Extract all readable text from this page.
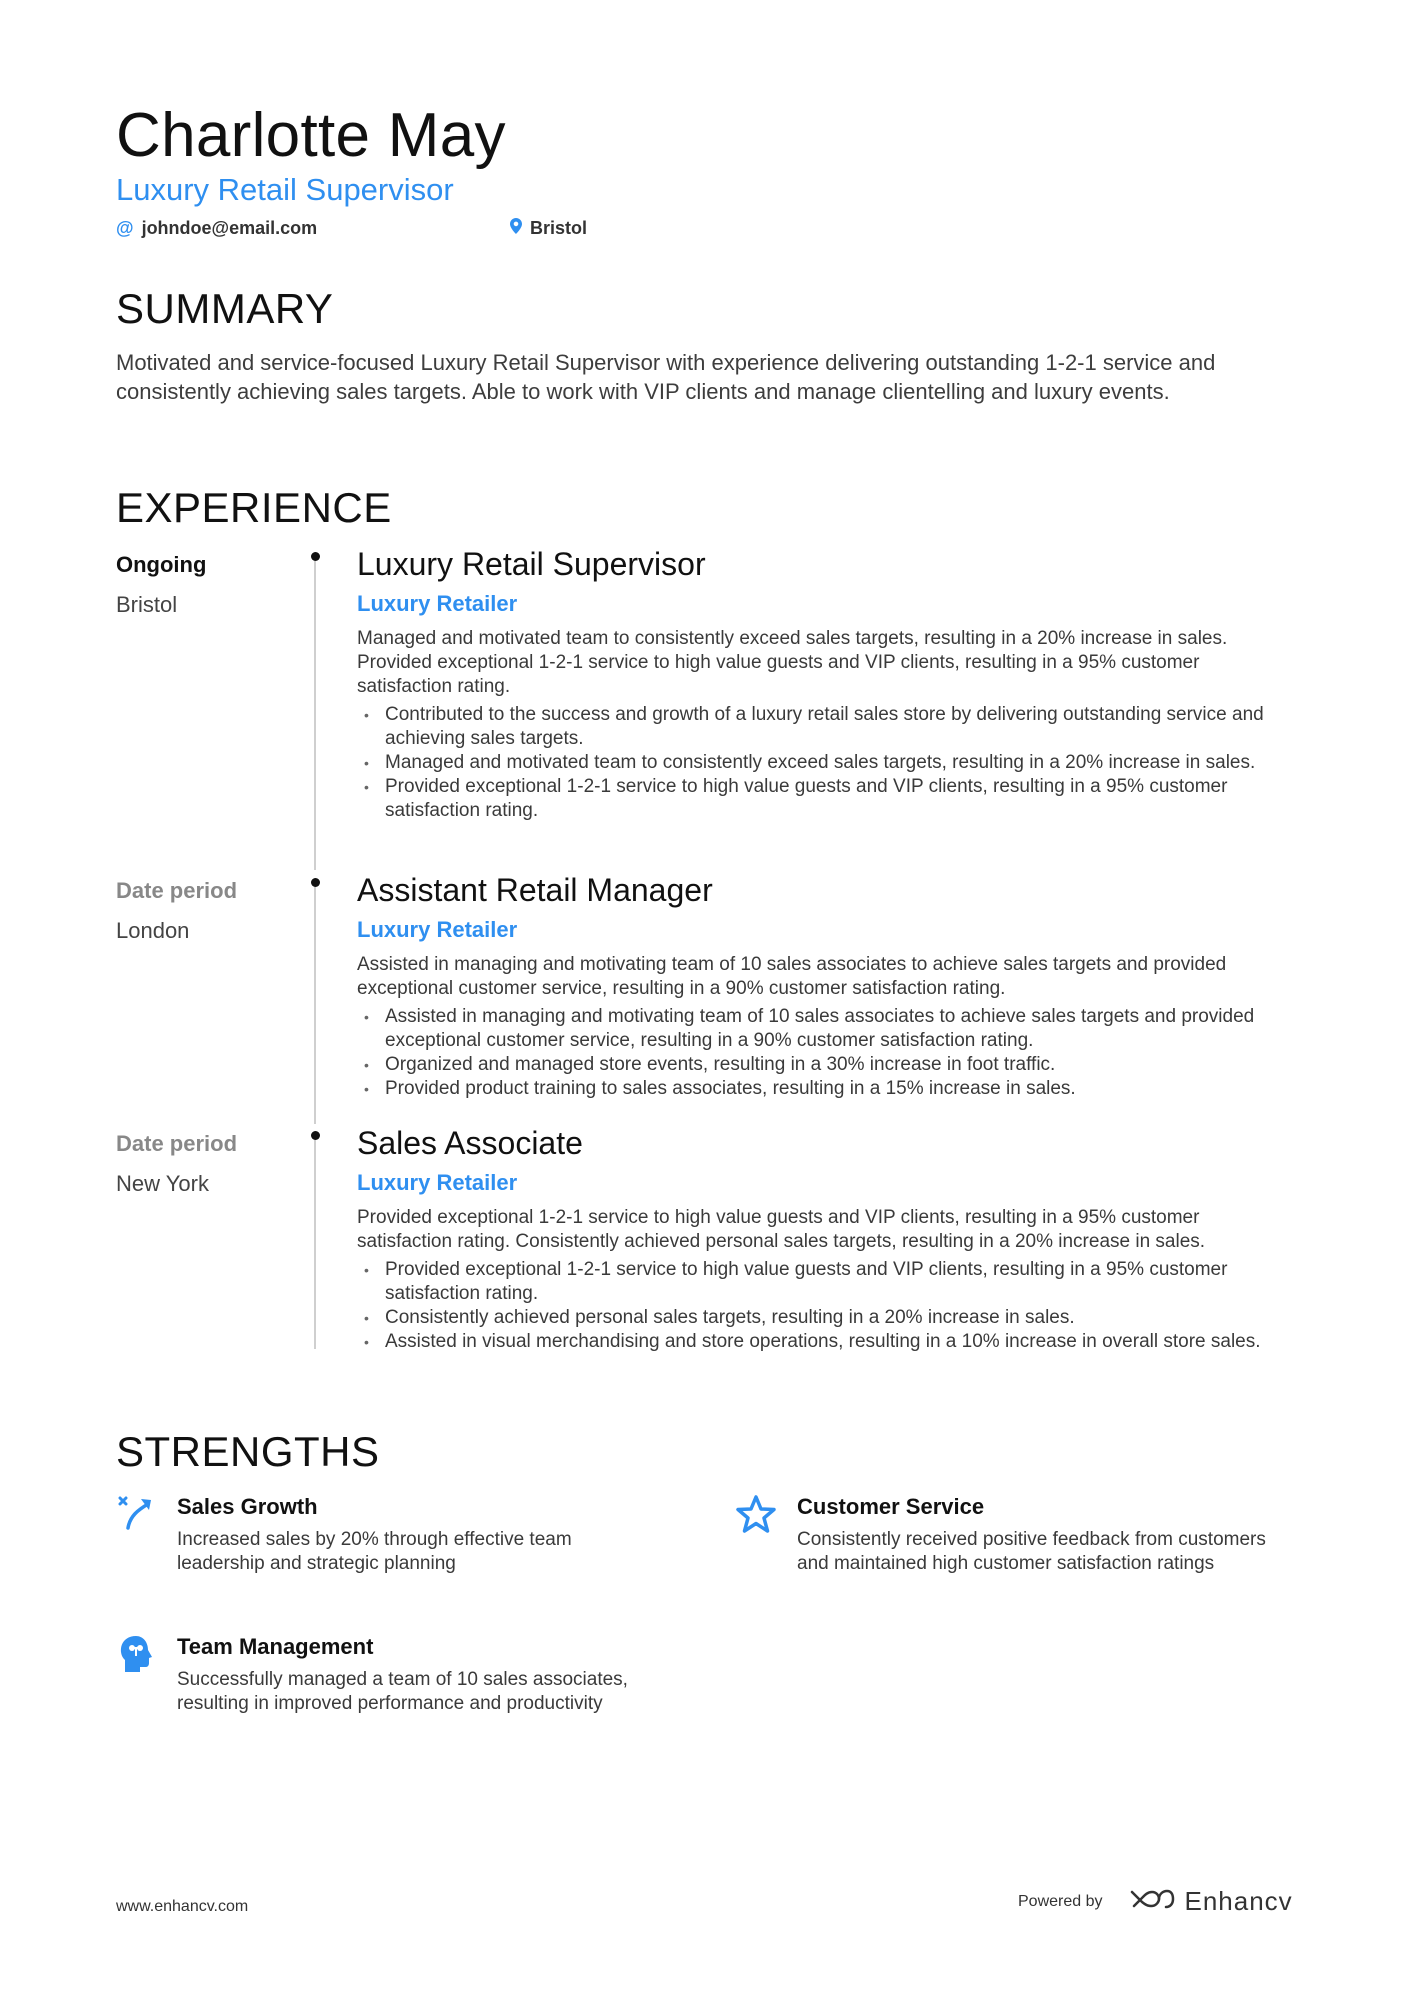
Charlotte May
Luxury Retail Supervisor
@ johndoe@email.com	Bristol
SUMMARY
Motivated and service-focused Luxury Retail Supervisor with experience delivering outstanding 1-2-1 service and consistently achieving sales targets. Able to work with VIP clients and manage clientelling and luxury events.
EXPERIENCE
Ongoing
Bristol
Luxury Retail Supervisor
Luxury Retailer
Managed and motivated team to consistently exceed sales targets, resulting in a 20% increase in sales. Provided exceptional 1-2-1 service to high value guests and VIP clients, resulting in a 95% customer satisfaction rating.
• Contributed to the success and growth of a luxury retail sales store by delivering outstanding service and achieving sales targets.
• Managed and motivated team to consistently exceed sales targets, resulting in a 20% increase in sales.
• Provided exceptional 1-2-1 service to high value guests and VIP clients, resulting in a 95% customer satisfaction rating.
Date period
London
Assistant Retail Manager
Luxury Retailer
Assisted in managing and motivating team of 10 sales associates to achieve sales targets and provided exceptional customer service, resulting in a 90% customer satisfaction rating.
• Assisted in managing and motivating team of 10 sales associates to achieve sales targets and provided exceptional customer service, resulting in a 90% customer satisfaction rating.
• Organized and managed store events, resulting in a 30% increase in foot traffic.
• Provided product training to sales associates, resulting in a 15% increase in sales.
Date period
New York
Sales Associate
Luxury Retailer
Provided exceptional 1-2-1 service to high value guests and VIP clients, resulting in a 95% customer satisfaction rating. Consistently achieved personal sales targets, resulting in a 20% increase in sales.
• Provided exceptional 1-2-1 service to high value guests and VIP clients, resulting in a 95% customer satisfaction rating.
• Consistently achieved personal sales targets, resulting in a 20% increase in sales.
• Assisted in visual merchandising and store operations, resulting in a 10% increase in overall store sales.
STRENGTHS
Sales Growth
Increased sales by 20% through effective team leadership and strategic planning
Customer Service
Consistently received positive feedback from customers and maintained high customer satisfaction ratings
Team Management
Successfully managed a team of 10 sales associates, resulting in improved performance and productivity
www.enhancv.com	Powered by	Enhancv
